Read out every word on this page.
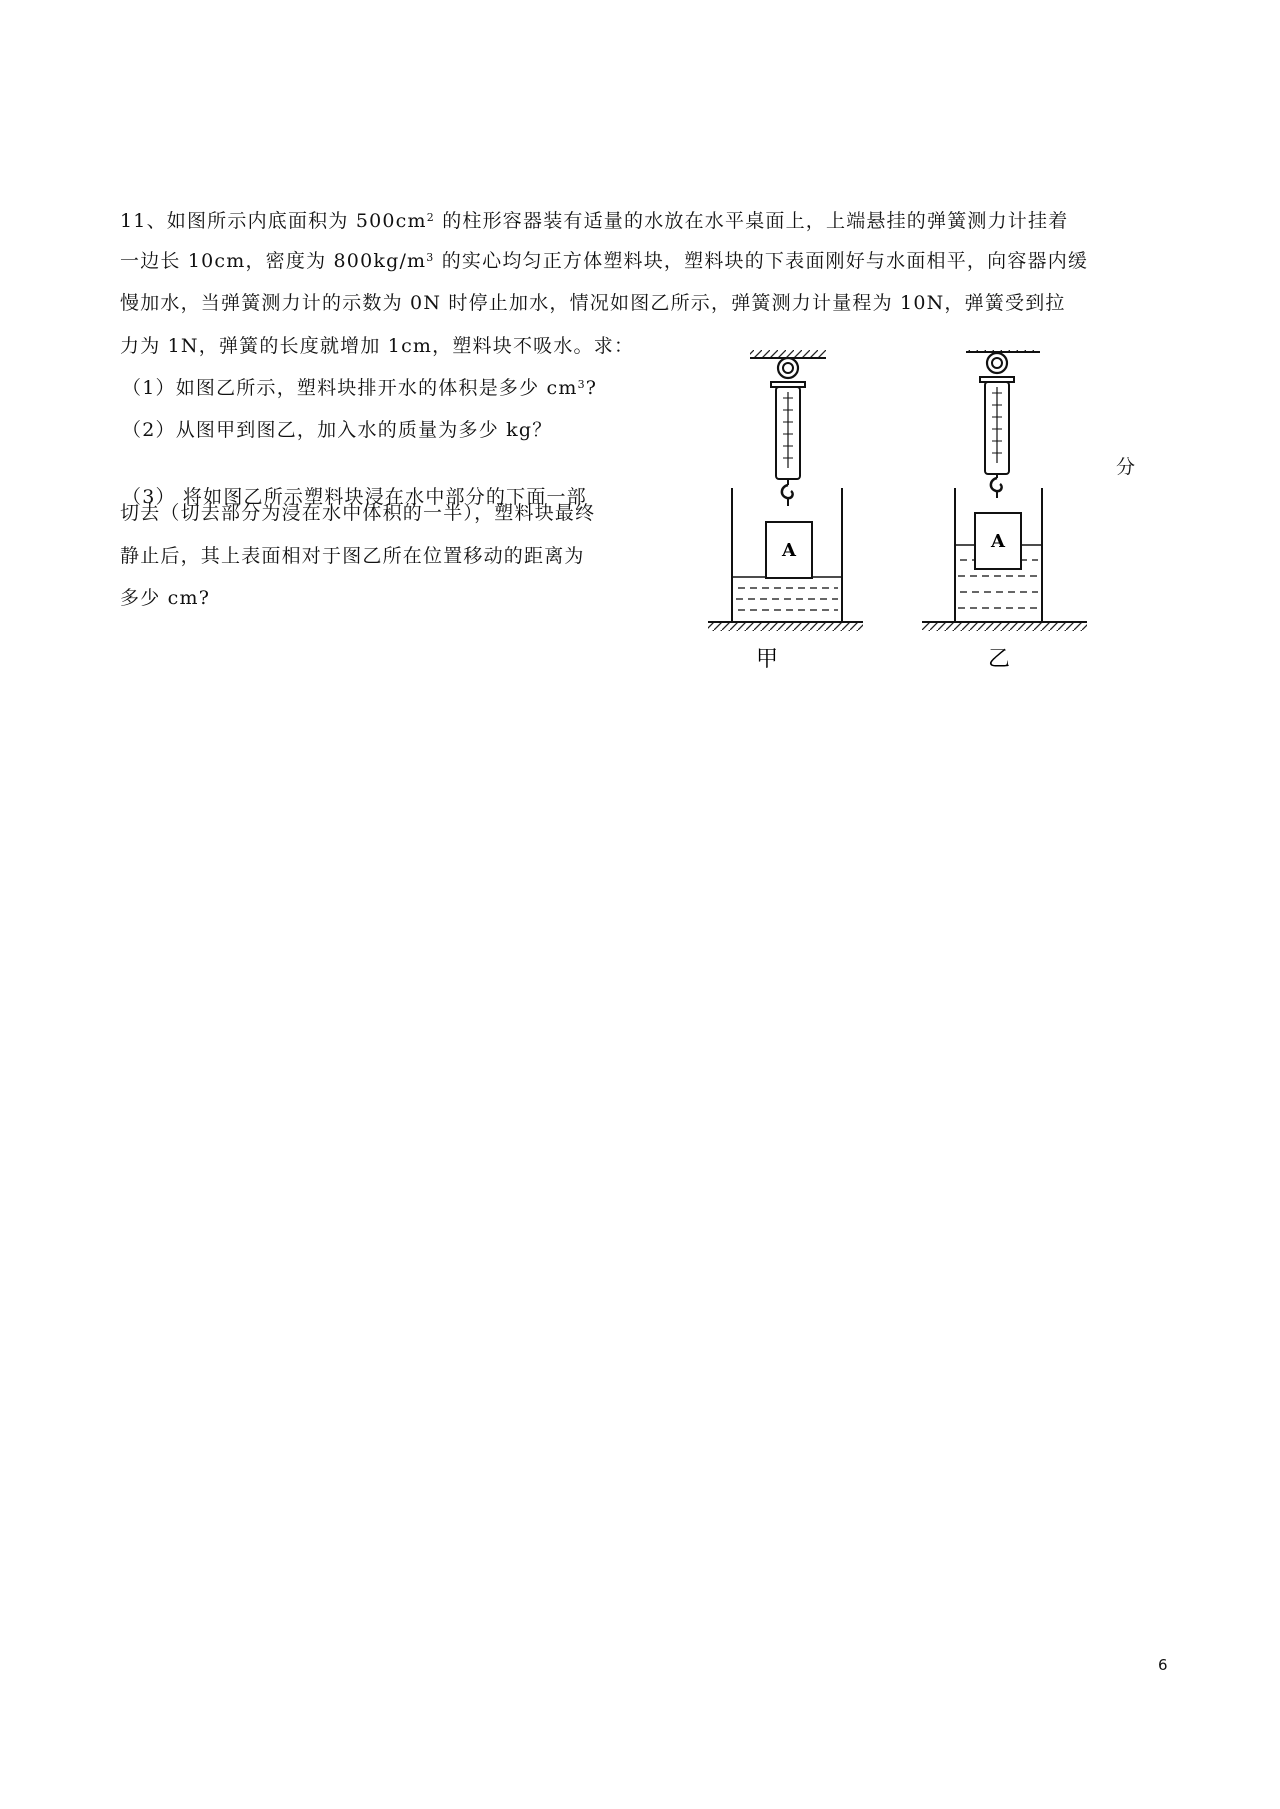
11、如图所示内底面积为 $500cm^2$ 的柱形容器装有适量的水放在水平桌面上，上端悬挂的弹簧测力计挂着
一边长 10cm，密度为 $800kg/m^3$ 的实心均匀正方体塑料块，塑料块的下表面刚好与水面相平，向容器内缓
慢加水，当弹簧测力计的示数为 0N 时停止加水，情况如图乙所示，弹簧测力计量程为 10N，弹簧受到拉
力为 1N，弹簧的长度就增加 1cm，塑料块不吸水。求：
（1）如图乙所示，塑料块排开水的体积是多少 $cm^3$?
（2）从图甲到图乙，加入水的质量为多少 kg？
（3） 将如图乙所示塑料块浸在水中部分的下面一部
分
切去（切去部分为浸在水中体积的一半），塑料块最终
静止后，其上表面相对于图乙所在位置移动的距离为
多少 cm?
A
甲
A
乙
6
